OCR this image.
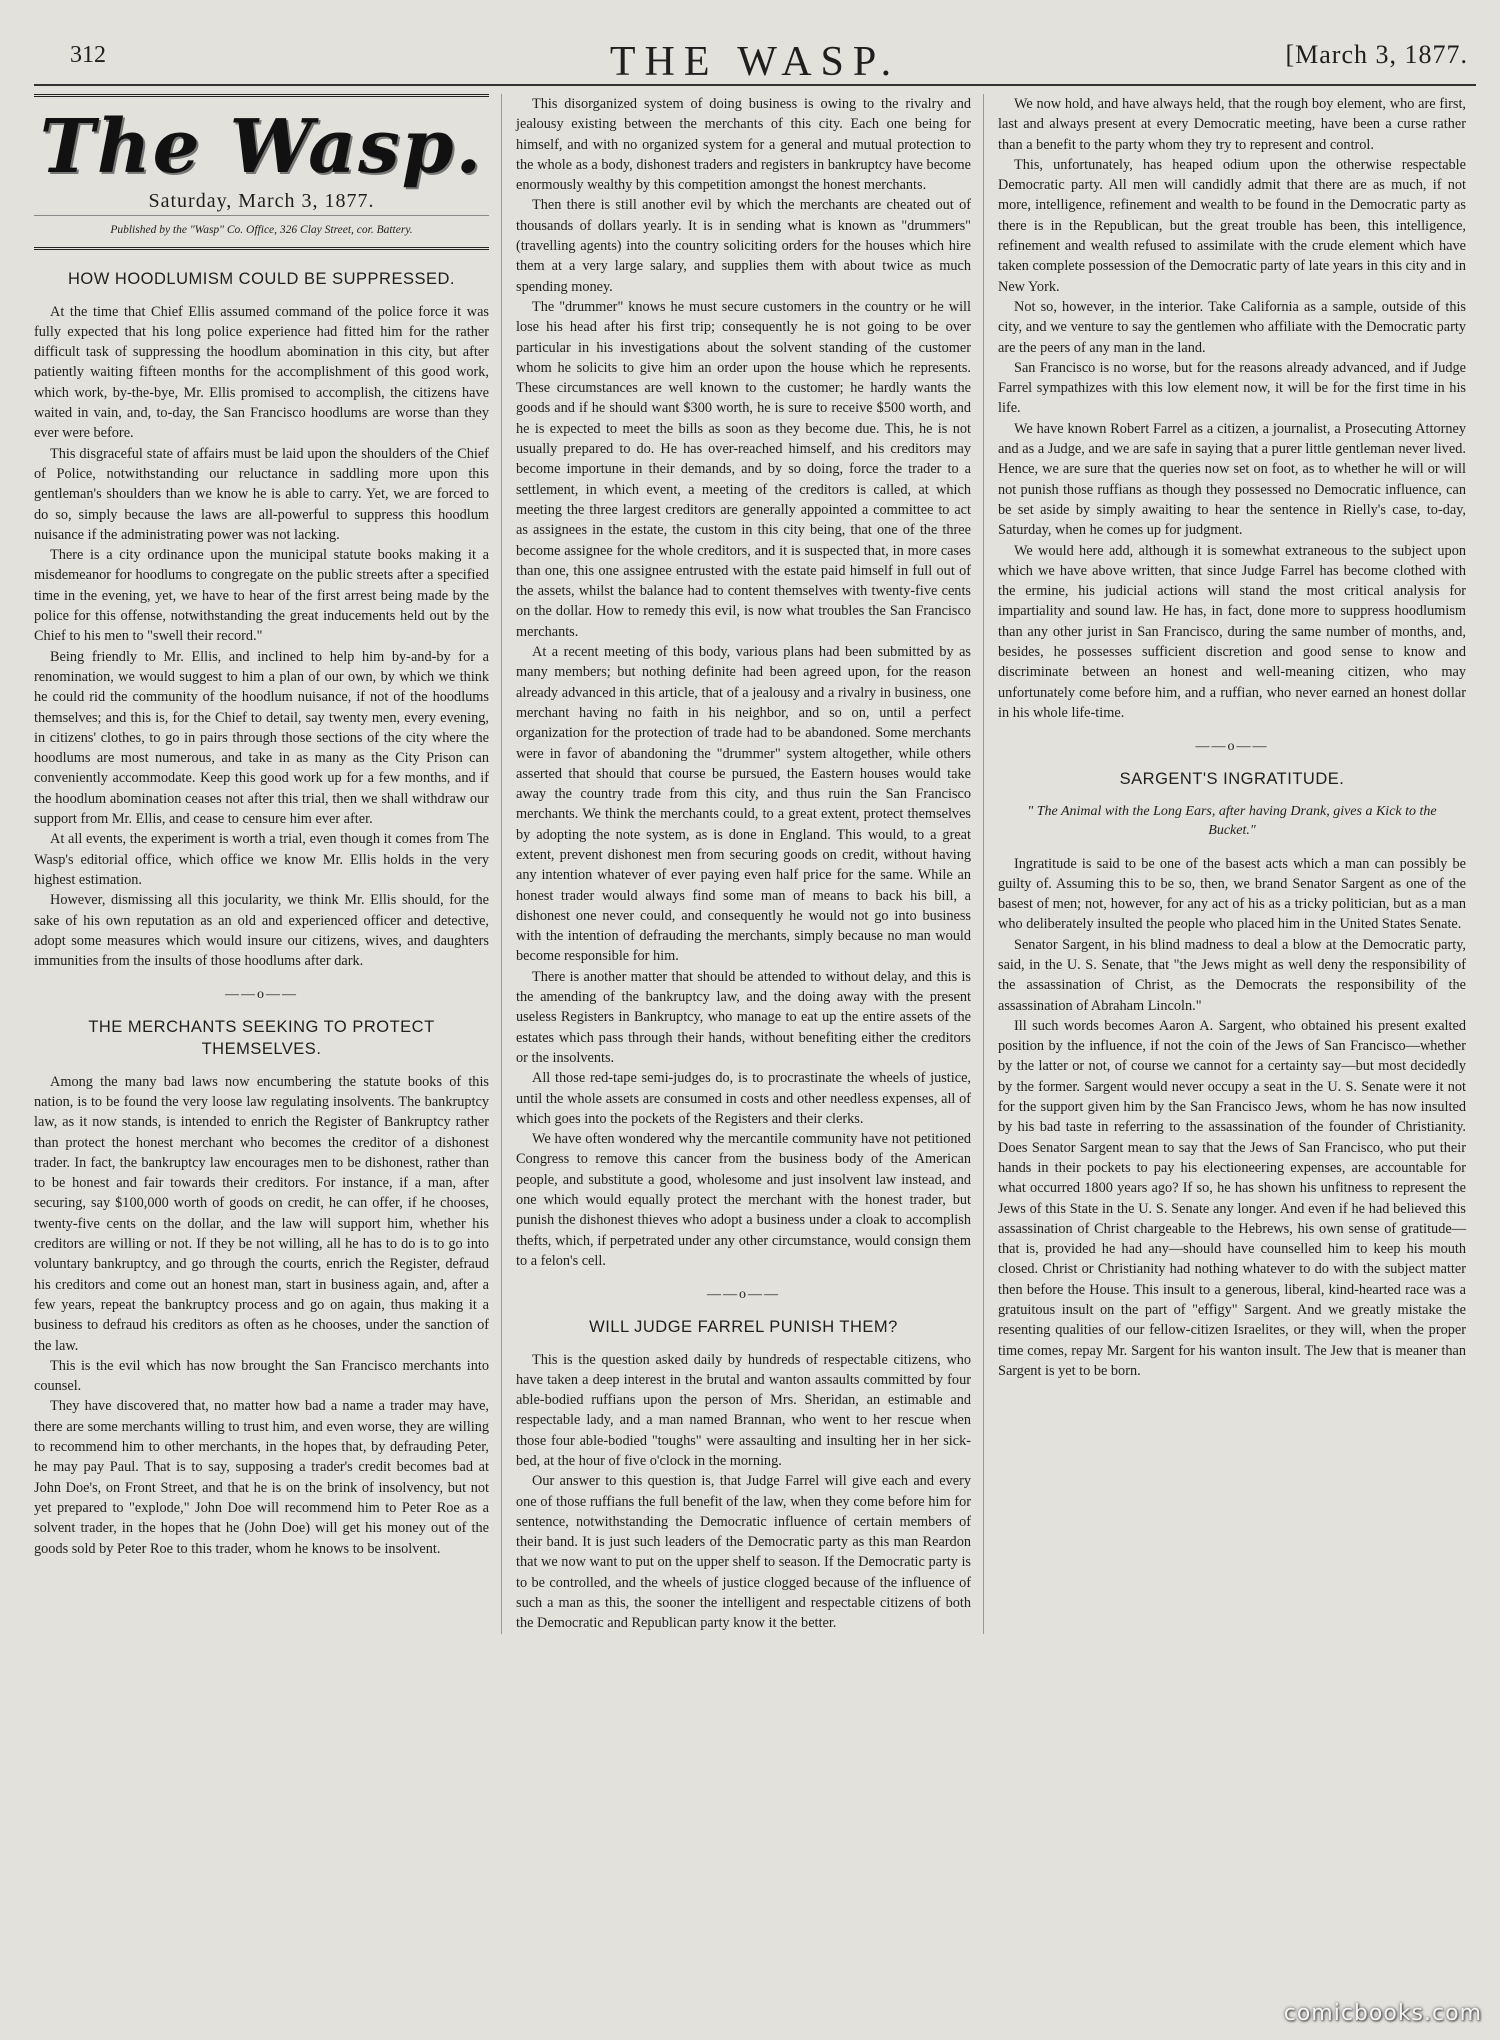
312	THE WASP.	[March 3, 1877.
The Wasp.
Saturday, March 3, 1877.
Published by the "Wasp" Co. Office, 326 Clay Street, cor. Battery.
HOW HOODLUMISM COULD BE SUPPRESSED.

At the time that Chief Ellis assumed command of the police force it was fully expected that his long police experience had fitted him for the rather difficult task of suppressing the hoodlum abomination in this city, but after patiently waiting fifteen months for the accomplishment of this good work, which work, by-the-bye, Mr. Ellis promised to accomplish, the citizens have waited in vain, and, to-day, the San Francisco hoodlums are worse than they ever were before.

This disgraceful state of affairs must be laid upon the shoulders of the Chief of Police, notwithstanding our reluctance in saddling more upon this gentleman's shoulders than we know he is able to carry. Yet, we are forced to do so, simply because the laws are all-powerful to suppress this hoodlum nuisance if the administrating power was not lacking.

There is a city ordinance upon the municipal statute books making it a misdemeanor for hoodlums to congregate on the public streets after a specified time in the evening, yet, we have to hear of the first arrest being made by the police for this offense, notwithstanding the great inducements held out by the Chief to his men to "swell their record."

Being friendly to Mr. Ellis, and inclined to help him by-and-by for a renomination, we would suggest to him a plan of our own, by which we think he could rid the community of the hoodlum nuisance, if not of the hoodlums themselves; and this is, for the Chief to detail, say twenty men, every evening, in citizens' clothes, to go in pairs through those sections of the city where the hoodlums are most numerous, and take in as many as the City Prison can conveniently accommodate. Keep this good work up for a few months, and if the hoodlum abomination ceases not after this trial, then we shall withdraw our support from Mr. Ellis, and cease to censure him ever after.

At all events, the experiment is worth a trial, even though it comes from The Wasp's editorial office, which office we know Mr. Ellis holds in the very highest estimation.

However, dismissing all this jocularity, we think Mr. Ellis should, for the sake of his own reputation as an old and experienced officer and detective, adopt some measures which would insure our citizens, wives, and daughters immunities from the insults of those hoodlums after dark.

——o——
THE MERCHANTS SEEKING TO PROTECT THEMSELVES.

Among the many bad laws now encumbering the statute books of this nation, is to be found the very loose law regulating insolvents. The bankruptcy law, as it now stands, is intended to enrich the Register of Bankruptcy rather than protect the honest merchant who becomes the creditor of a dishonest trader. In fact, the bankruptcy law encourages men to be dishonest, rather than to be honest and fair towards their creditors. For instance, if a man, after securing, say $100,000 worth of goods on credit, he can offer, if he chooses, twenty-five cents on the dollar, and the law will support him, whether his creditors are willing or not. If they be not willing, all he has to do is to go into voluntary bankruptcy, and go through the courts, enrich the Register, defraud his creditors and come out an honest man, start in business again, and, after a few years, repeat the bankruptcy process and go on again, thus making it a business to defraud his creditors as often as he chooses, under the sanction of the law.

This is the evil which has now brought the San Francisco merchants into counsel.

They have discovered that, no matter how bad a name a trader may have, there are some merchants willing to trust him, and even worse, they are willing to recommend him to other merchants, in the hopes that, by defrauding Peter, he may pay Paul. That is to say, supposing a trader's credit becomes bad at John Doe's, on Front Street, and that he is on the brink of insolvency, but not yet prepared to "explode," John Doe will recommend him to Peter Roe as a solvent trader, in the hopes that he (John Doe) will get his money out of the goods sold by Peter Roe to this trader, whom he knows to be insolvent.

This disorganized system of doing business is owing to the rivalry and jealousy existing between the merchants of this city. Each one being for himself, and with no organized system for a general and mutual protection to the whole as a body, dishonest traders and registers in bankruptcy have become enormously wealthy by this competition amongst the honest merchants.

Then there is still another evil by which the merchants are cheated out of thousands of dollars yearly. It is in sending what is known as "drummers" (travelling agents) into the country soliciting orders for the houses which hire them at a very large salary, and supplies them with about twice as much spending money.

The "drummer" knows he must secure customers in the country or he will lose his head after his first trip; consequently he is not going to be over particular in his investigations about the solvent standing of the customer whom he solicits to give him an order upon the house which he represents. These circumstances are well known to the customer; he hardly wants the goods and if he should want $300 worth, he is sure to receive $500 worth, and he is expected to meet the bills as soon as they become due. This, he is not usually prepared to do. He has over-reached himself, and his creditors may become importune in their demands, and by so doing, force the trader to a settlement, in which event, a meeting of the creditors is called, at which meeting the three largest creditors are generally appointed a committee to act as assignees in the estate, the custom in this city being, that one of the three become assignee for the whole creditors, and it is suspected that, in more cases than one, this one assignee entrusted with the estate paid himself in full out of the assets, whilst the balance had to content themselves with twenty-five cents on the dollar. How to remedy this evil, is now what troubles the San Francisco merchants.

At a recent meeting of this body, various plans had been submitted by as many members; but nothing definite had been agreed upon, for the reason already advanced in this article, that of a jealousy and a rivalry in business, one merchant having no faith in his neighbor, and so on, until a perfect organization for the protection of trade had to be abandoned. Some merchants were in favor of abandoning the "drummer" system altogether, while others asserted that should that course be pursued, the Eastern houses would take away the country trade from this city, and thus ruin the San Francisco merchants. We think the merchants could, to a great extent, protect themselves by adopting the note system, as is done in England. This would, to a great extent, prevent dishonest men from securing goods on credit, without having any intention whatever of ever paying even half price for the same. While an honest trader would always find some man of means to back his bill, a dishonest one never could, and consequently he would not go into business with the intention of defrauding the merchants, simply because no man would become responsible for him.

There is another matter that should be attended to without delay, and this is the amending of the bankruptcy law, and the doing away with the present useless Registers in Bankruptcy, who manage to eat up the entire assets of the estates which pass through their hands, without benefiting either the creditors or the insolvents.

All those red-tape semi-judges do, is to procrastinate the wheels of justice, until the whole assets are consumed in costs and other needless expenses, all of which goes into the pockets of the Registers and their clerks.

We have often wondered why the mercantile community have not petitioned Congress to remove this cancer from the business body of the American people, and substitute a good, wholesome and just insolvent law instead, and one which would equally protect the merchant with the honest trader, but punish the dishonest thieves who adopt a business under a cloak to accomplish thefts, which, if perpetrated under any other circumstance, would consign them to a felon's cell.

——o——
WILL JUDGE FARREL PUNISH THEM?

This is the question asked daily by hundreds of respectable citizens, who have taken a deep interest in the brutal and wanton assaults committed by four able-bodied ruffians upon the person of Mrs. Sheridan, an estimable and respectable lady, and a man named Brannan, who went to her rescue when those four able-bodied "toughs" were assaulting and insulting her in her sick-bed, at the hour of five o'clock in the morning.

Our answer to this question is, that Judge Farrel will give each and every one of those ruffians the full benefit of the law, when they come before him for sentence, notwithstanding the Democratic influence of certain members of their band. It is just such leaders of the Democratic party as this man Reardon that we now want to put on the upper shelf to season. If the Democratic party is to be controlled, and the wheels of justice clogged because of the influence of such a man as this, the sooner the intelligent and respectable citizens of both the Democratic and Republican party know it the better.

We now hold, and have always held, that the rough boy element, who are first, last and always present at every Democratic meeting, have been a curse rather than a benefit to the party whom they try to represent and control.

This, unfortunately, has heaped odium upon the otherwise respectable Democratic party. All men will candidly admit that there are as much, if not more, intelligence, refinement and wealth to be found in the Democratic party as there is in the Republican, but the great trouble has been, this intelligence, refinement and wealth refused to assimilate with the crude element which have taken complete possession of the Democratic party of late years in this city and in New York.

Not so, however, in the interior. Take California as a sample, outside of this city, and we venture to say the gentlemen who affiliate with the Democratic party are the peers of any man in the land.

San Francisco is no worse, but for the reasons already advanced, and if Judge Farrel sympathizes with this low element now, it will be for the first time in his life.

We have known Robert Farrel as a citizen, a journalist, a Prosecuting Attorney and as a Judge, and we are safe in saying that a purer little gentleman never lived. Hence, we are sure that the queries now set on foot, as to whether he will or will not punish those ruffians as though they possessed no Democratic influence, can be set aside by simply awaiting to hear the sentence in Rielly's case, to-day, Saturday, when he comes up for judgment.

We would here add, although it is somewhat extraneous to the subject upon which we have above written, that since Judge Farrel has become clothed with the ermine, his judicial actions will stand the most critical analysis for impartiality and sound law. He has, in fact, done more to suppress hoodlumism than any other jurist in San Francisco, during the same number of months, and, besides, he possesses sufficient discretion and good sense to know and discriminate between an honest and well-meaning citizen, who may unfortunately come before him, and a ruffian, who never earned an honest dollar in his whole life-time.

——o——
SARGENT'S INGRATITUDE.
" The Animal with the Long Ears, after having Drank, gives a Kick to the Bucket."

Ingratitude is said to be one of the basest acts which a man can possibly be guilty of. Assuming this to be so, then, we brand Senator Sargent as one of the basest of men; not, however, for any act of his as a tricky politician, but as a man who deliberately insulted the people who placed him in the United States Senate.

Senator Sargent, in his blind madness to deal a blow at the Democratic party, said, in the U. S. Senate, that "the Jews might as well deny the responsibility of the assassination of Christ, as the Democrats the responsibility of the assassination of Abraham Lincoln."

Ill such words becomes Aaron A. Sargent, who obtained his present exalted position by the influence, if not the coin of the Jews of San Francisco—whether by the latter or not, of course we cannot for a certainty say—but most decidedly by the former. Sargent would never occupy a seat in the U. S. Senate were it not for the support given him by the San Francisco Jews, whom he has now insulted by his bad taste in referring to the assassination of the founder of Christianity. Does Senator Sargent mean to say that the Jews of San Francisco, who put their hands in their pockets to pay his electioneering expenses, are accountable for what occurred 1800 years ago? If so, he has shown his unfitness to represent the Jews of this State in the U. S. Senate any longer. And even if he had believed this assassination of Christ chargeable to the Hebrews, his own sense of gratitude—that is, provided he had any—should have counselled him to keep his mouth closed. Christ or Christianity had nothing whatever to do with the subject matter then before the House. This insult to a generous, liberal, kind-hearted race was a gratuitous insult on the part of "effigy" Sargent. And we greatly mistake the resenting qualities of our fellow-citizen Israelites, or they will, when the proper time comes, repay Mr. Sargent for his wanton insult. The Jew that is meaner than Sargent is yet to be born.

comicbooks.com
